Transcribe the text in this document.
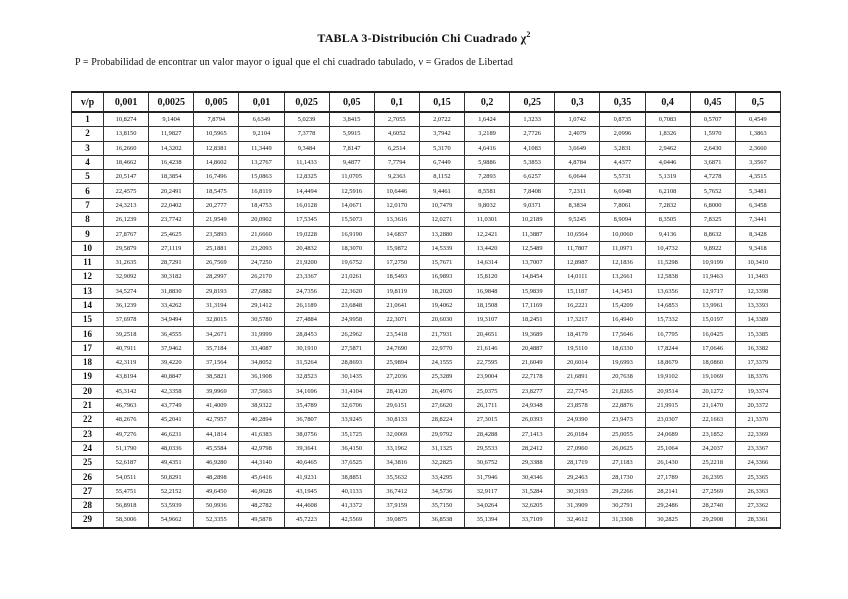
TABLA 3-Distribución Chi Cuadrado $\chi^2$
P = Probabilidad de encontrar un valor mayor o igual que el chi cuadrado tabulado, ν = Grados de Libertad
v/p	0,001	0,0025	0,005	0,01	0,025	0,05	0,1	0,15	0,2	0,25	0,3	0,35	0,4	0,45	0,5
1	10,8274	9,1404	7,8794	6,6349	5,0239	3,8415	2,7055	2,0722	1,6424	1,3233	1,0742	0,8735	0,7083	0,5707	0,4549
2	13,8150	11,9827	10,5965	9,2104	7,3778	5,9915	4,6052	3,7942	3,2189	2,7726	2,4079	2,0996	1,8326	1,5970	1,3863
3	16,2660	14,3202	12,8381	11,3449	9,3484	7,8147	6,2514	5,3170	4,6416	4,1083	3,6649	3,2831	2,9462	2,6430	2,3660
4	18,4662	16,4238	14,8602	13,2767	11,1433	9,4877	7,7794	6,7449	5,9886	5,3853	4,8784	4,4377	4,0446	3,6871	3,3567
5	20,5147	18,3854	16,7496	15,0863	12,8325	11,0705	9,2363	8,1152	7,2893	6,6257	6,0644	5,5731	5,1319	4,7278	4,3515
6	22,4575	20,2491	18,5475	16,8119	14,4494	12,5916	10,6446	9,4461	8,5581	7,8408	7,2311	6,6948	6,2108	5,7652	5,3481
7	24,3213	22,0402	20,2777	18,4753	16,0128	14,0671	12,0170	10,7479	9,8032	9,0371	8,3834	7,8061	7,2832	6,8000	6,3458
8	26,1239	23,7742	21,9549	20,0902	17,5345	15,5073	13,3616	12,0271	11,0301	10,2189	9,5245	8,9094	8,3505	7,8325	7,3441
9	27,8767	25,4625	23,5893	21,6660	19,0228	16,9190	14,6837	13,2880	12,2421	11,3887	10,6564	10,0060	9,4136	8,8632	8,3428
10	29,5879	27,1119	25,1881	23,2093	20,4832	18,3070	15,9872	14,5339	13,4420	12,5489	11,7807	11,0971	10,4732	9,8922	9,3418
11	31,2635	28,7291	26,7569	24,7250	21,9200	19,6752	17,2750	15,7671	14,6314	13,7007	12,8987	12,1836	11,5298	10,9199	10,3410
12	32,9092	30,3182	28,2997	26,2170	23,3367	21,0261	18,5493	16,9893	15,8120	14,8454	14,0111	13,2661	12,5838	11,9463	11,3403
13	34,5274	31,8830	29,8193	27,6882	24,7356	22,3620	19,8119	18,2020	16,9848	15,9839	15,1187	14,3451	13,6356	12,9717	12,3398
14	36,1239	33,4262	31,3194	29,1412	26,1189	23,6848	21,0641	19,4062	18,1508	17,1169	16,2221	15,4209	14,6853	13,9961	13,3393
15	37,6978	34,9494	32,8015	30,5780	27,4884	24,9958	22,3071	20,6030	19,3107	18,2451	17,3217	16,4940	15,7332	15,0197	14,3389
16	39,2518	36,4555	34,2671	31,9999	28,8453	26,2962	23,5418	21,7931	20,4651	19,3689	18,4179	17,5646	16,7795	16,0425	15,3385
17	40,7911	37,9462	35,7184	33,4087	30,1910	27,5871	24,7690	22,9770	21,6146	20,4887	19,5110	18,6330	17,8244	17,0646	16,3382
18	42,3119	39,4220	37,1564	34,8052	31,5264	28,8693	25,9894	24,1555	22,7595	21,6049	20,6014	19,6993	18,8679	18,0860	17,3379
19	43,8194	40,8847	38,5821	36,1908	32,8523	30,1435	27,2036	25,3289	23,9004	22,7178	21,6891	20,7638	19,9102	19,1069	18,3376
20	45,3142	42,3358	39,9969	37,5663	34,1696	31,4104	28,4120	26,4976	25,0375	23,8277	22,7745	21,8265	20,9514	20,1272	19,3374
21	46,7963	43,7749	41,4009	38,9322	35,4789	32,6706	29,6151	27,6620	26,1711	24,9348	23,8578	22,8876	21,9915	21,1470	20,3372
22	48,2676	45,2041	42,7957	40,2894	36,7807	33,9245	30,8133	28,8224	27,3015	26,0393	24,9390	23,9473	23,0307	22,1663	21,3370
23	49,7276	46,6231	44,1814	41,6383	38,0756	35,1725	32,0069	29,9792	28,4288	27,1413	26,0184	25,0055	24,0689	23,1852	22,3369
24	51,1790	48,0336	45,5584	42,9798	39,3641	36,4150	33,1962	31,1325	29,5533	28,2412	27,0960	26,0625	25,1064	24,2037	23,3367
25	52,6187	49,4351	46,9280	44,3140	40,6465	37,6525	34,3816	32,2825	30,6752	29,3388	28,1719	27,1183	26,1430	25,2218	24,3366
26	54,0511	50,8291	48,2898	45,6416	41,9231	38,8851	35,5632	33,4295	31,7946	30,4346	29,2463	28,1730	27,1789	26,2395	25,3365
27	55,4751	52,2152	49,6450	46,9628	43,1945	40,1133	36,7412	34,5736	32,9117	31,5284	30,3193	29,2266	28,2141	27,2569	26,3363
28	56,8918	53,5939	50,9936	48,2782	44,4608	41,3372	37,9159	35,7150	34,0264	32,6205	31,3909	30,2791	29,2486	28,2740	27,3362
29	58,3006	54,9662	52,3355	49,5878	45,7223	42,5569	39,0875	36,8538	35,1394	33,7109	32,4612	31,3308	30,2825	29,2908	28,3361
